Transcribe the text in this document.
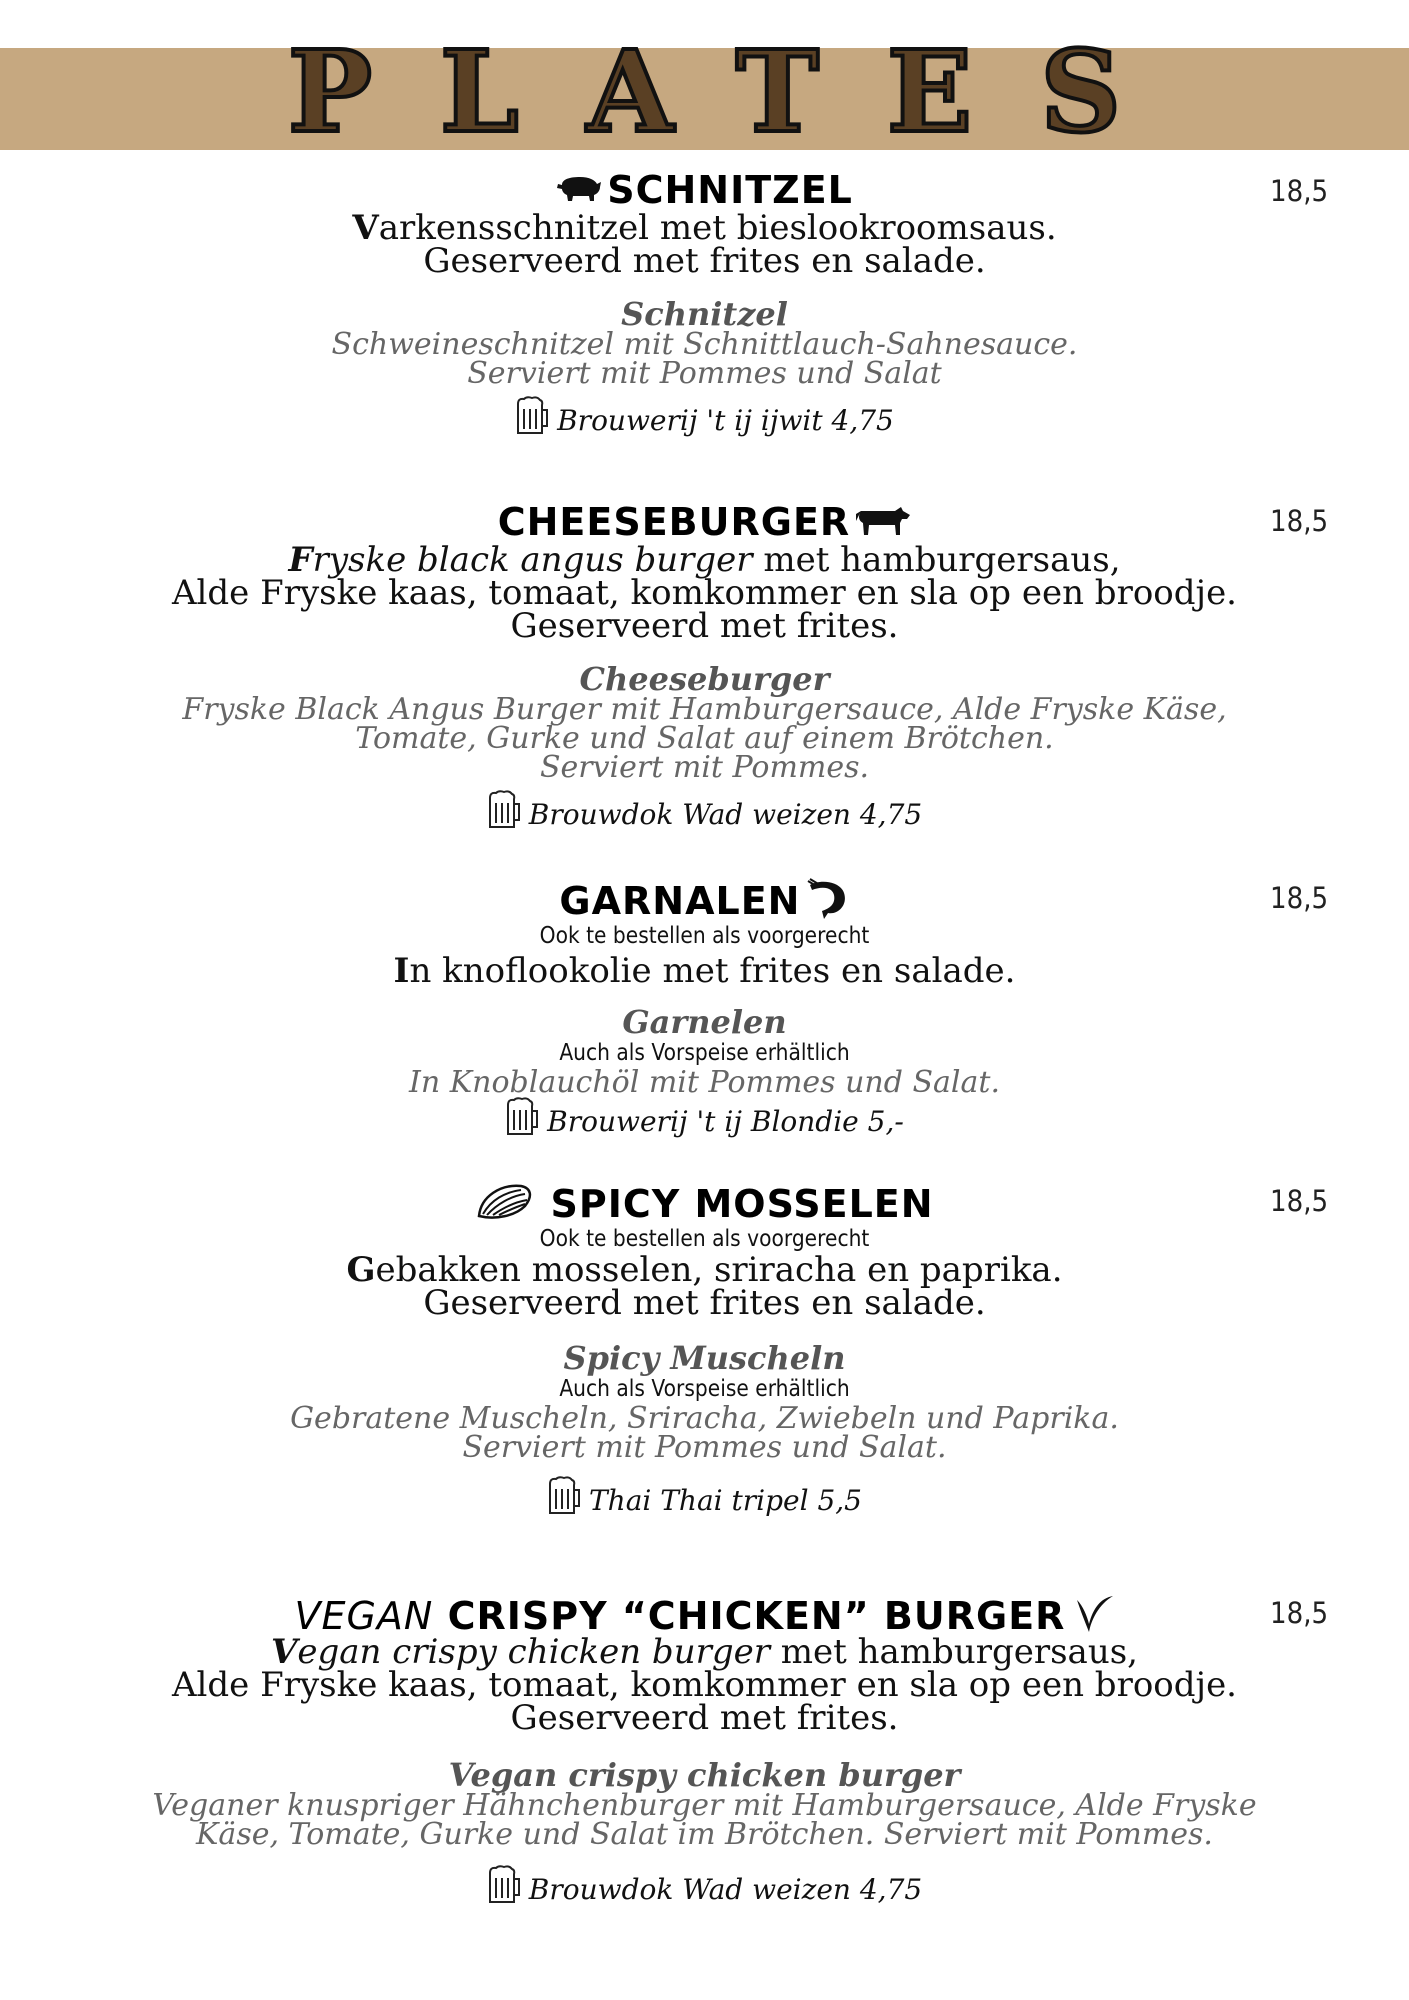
PLATES
SCHNITZEL	18,5
Varkensschnitzel met bieslookroomsaus.
Geserveerd met frites en salade.
Schnitzel
Schweineschnitzel mit Schnittlauch-Sahnesauce.
Serviert mit Pommes und Salat
Brouwerij 't ij ijwit 4,75
CHEESEBURGER	18,5
Fryske black angus burger met hamburgersaus,
Alde Fryske kaas, tomaat, komkommer en sla op een broodje.
Geserveerd met frites.
Cheeseburger
Fryske Black Angus Burger mit Hamburgersauce, Alde Fryske Käse,
Tomate, Gurke und Salat auf einem Brötchen.
Serviert mit Pommes.
Brouwdok Wad weizen 4,75
GARNALEN	18,5
Ook te bestellen als voorgerecht
In knoflookolie met frites en salade.
Garnelen
Auch als Vorspeise erhältlich
In Knoblauchöl mit Pommes und Salat.
Brouwerij 't ij Blondie 5,-
SPICY MOSSELEN	18,5
Ook te bestellen als voorgerecht
Gebakken mosselen, sriracha en paprika.
Geserveerd met frites en salade.
Spicy Muscheln
Auch als Vorspeise erhältlich
Gebratene Muscheln, Sriracha, Zwiebeln und Paprika.
Serviert mit Pommes und Salat.
Thai Thai tripel 5,5
VEGAN CRISPY “CHICKEN” BURGER	18,5
Vegan crispy chicken burger met hamburgersaus,
Alde Fryske kaas, tomaat, komkommer en sla op een broodje.
Geserveerd met frites.
Vegan crispy chicken burger
Veganer knuspriger Hähnchenburger mit Hamburgersauce, Alde Fryske
Käse, Tomate, Gurke und Salat im Brötchen. Serviert mit Pommes.
Brouwdok Wad weizen 4,75
